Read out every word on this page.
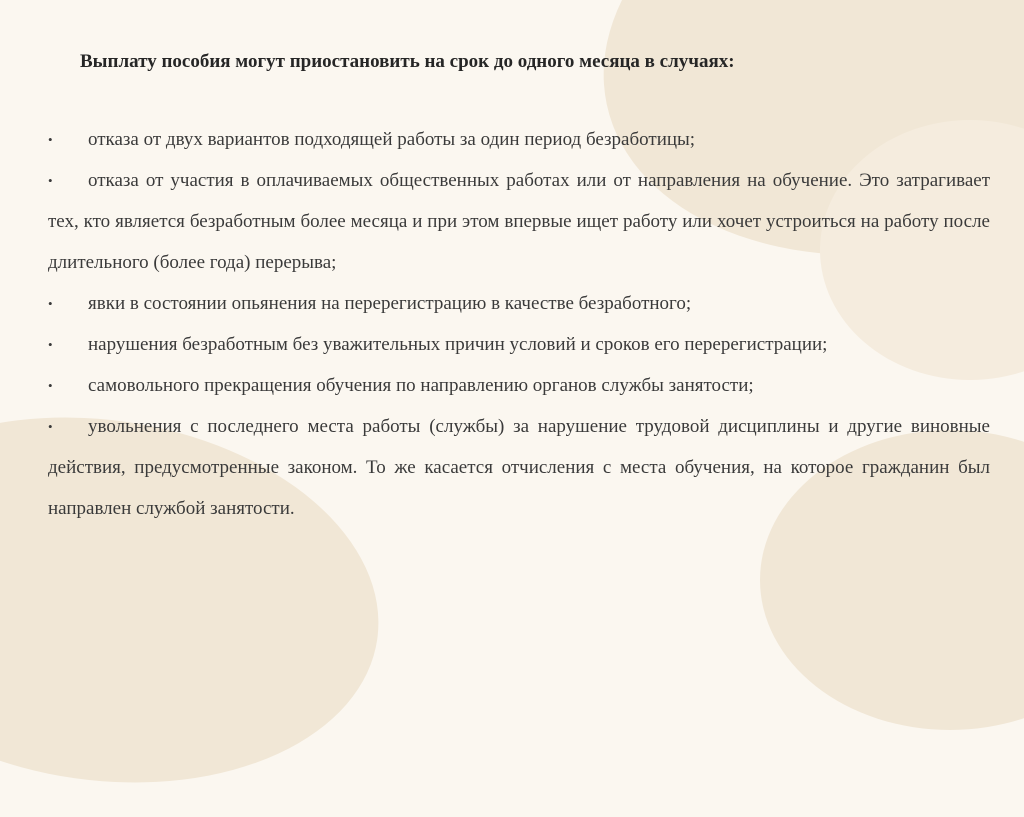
Выплату пособия могут приостановить на срок до одного месяца в случаях:
•	отказа от двух вариантов подходящей работы за один период безработицы;
•	отказа от участия в оплачиваемых общественных работах или от направления на обучение. Это затрагивает тех, кто является безработным более месяца и при этом впервые ищет работу или хочет устроиться на работу после длительного (более года) перерыва;
•	явки в состоянии опьянения на перерегистрацию в качестве безработного;
•	нарушения безработным без уважительных причин условий и сроков его перерегистрации;
•	самовольного прекращения обучения по направлению органов службы занятости;
•	увольнения с последнего места работы (службы) за нарушение трудовой дисциплины и другие виновные действия, предусмотренные законом. То же касается отчисления с места обучения, на которое гражданин был направлен службой занятости.
